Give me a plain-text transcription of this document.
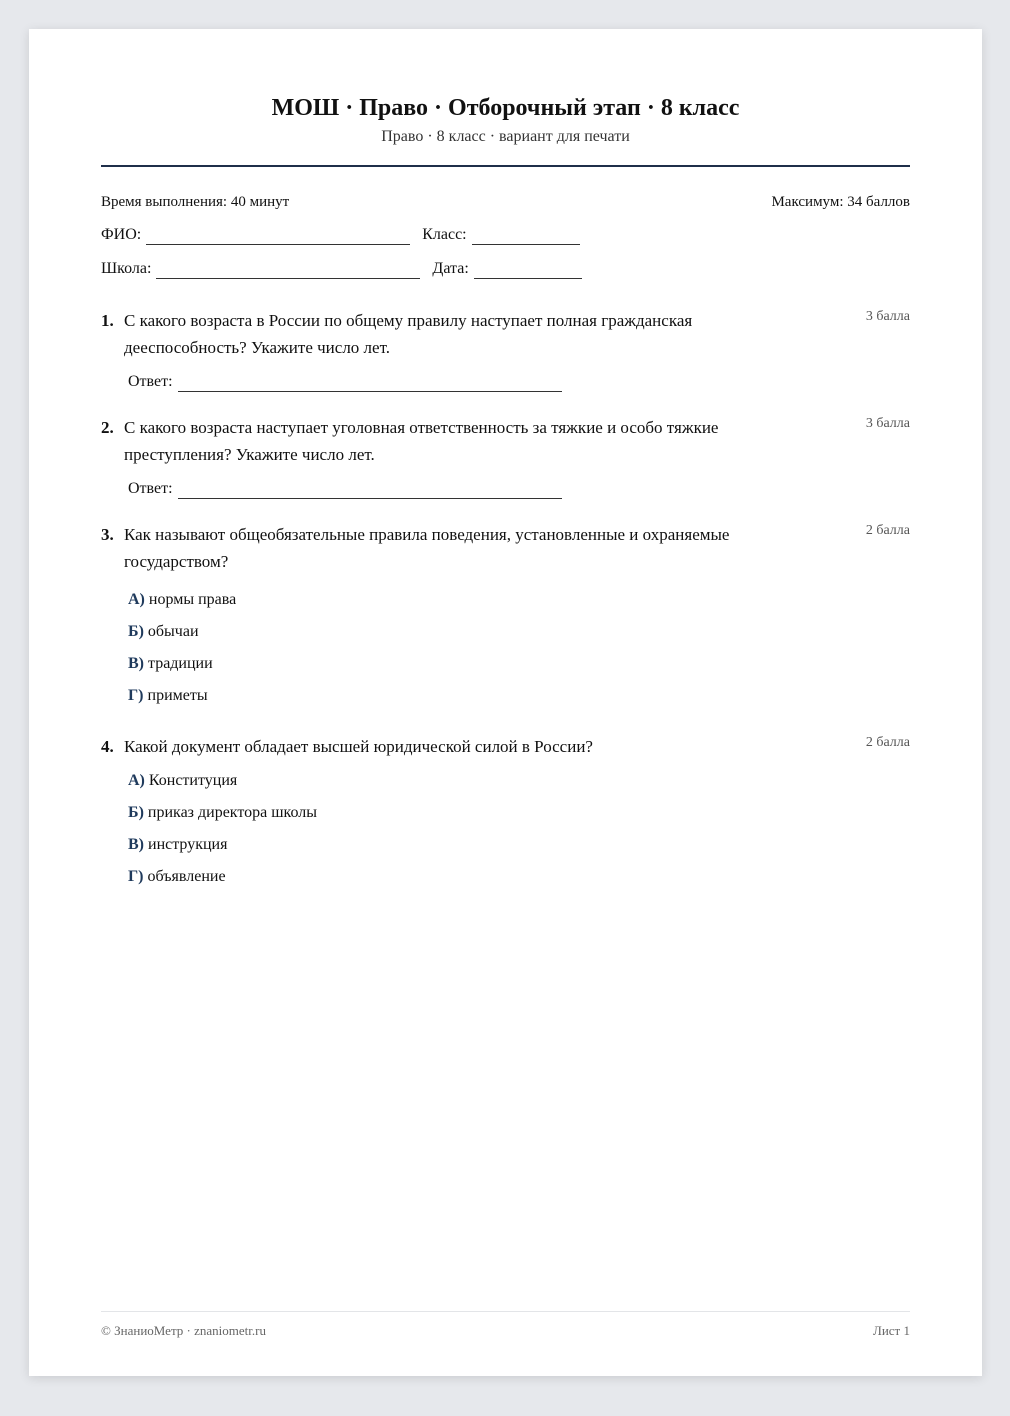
МОШ · Право · Отборочный этап · 8 класс
Право · 8 класс · вариант для печати
Время выполнения: 40 минут	Максимум: 34 баллов
ФИО:	Класс:
Школа:	Дата:
1. С какого возраста в России по общему правилу наступает полная гражданская дееспособность? Укажите число лет.
3 балла
Ответ:
2. С какого возраста наступает уголовная ответственность за тяжкие и особо тяжкие преступления? Укажите число лет.
3 балла
Ответ:
3. Как называют общеобязательные правила поведения, установленные и охраняемые государством?
2 балла
А) нормы права
Б) обычаи
В) традиции
Г) приметы
4. Какой документ обладает высшей юридической силой в России?	2 балла
А) Конституция
Б) приказ директора школы
В) инструкция
Г) объявление
© ЗнаниоМетр · znaniometr.ru	Лист 1
